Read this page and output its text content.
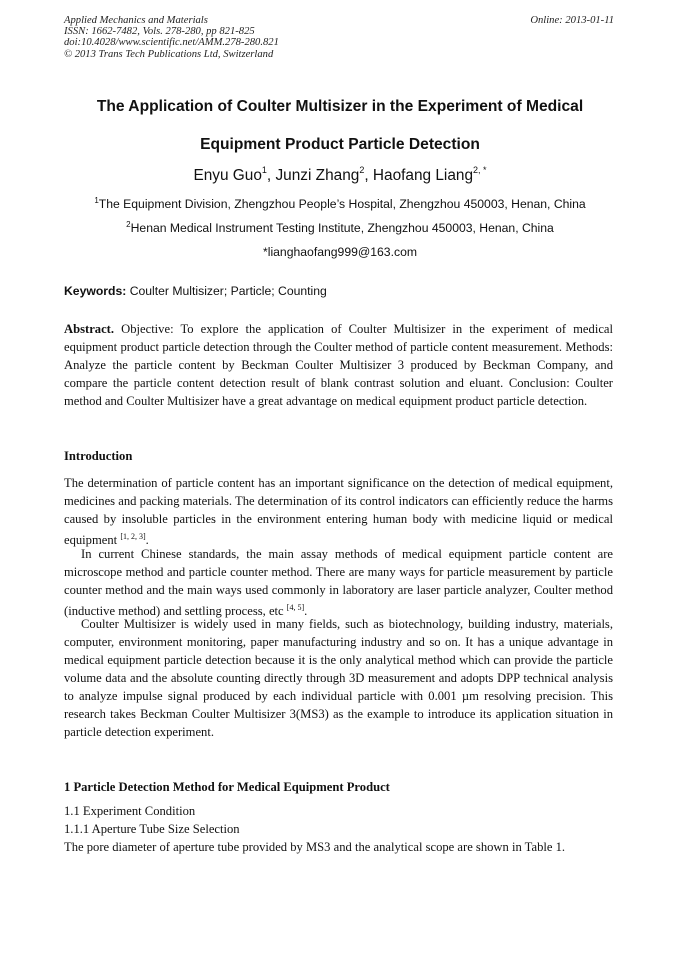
Applied Mechanics and Materials
ISSN: 1662-7482, Vols. 278-280, pp 821-825
doi:10.4028/www.scientific.net/AMM.278-280.821
© 2013 Trans Tech Publications Ltd, Switzerland
Online: 2013-01-11
The Application of Coulter Multisizer in the Experiment of Medical
Equipment Product Particle Detection
Enyu Guo$^1$, Junzi Zhang$^2$, Haofang Liang$^{2, *}$
$^1$The Equipment Division, Zhengzhou People’s Hospital, Zhengzhou 450003, Henan, China
$^2$Henan Medical Instrument Testing Institute, Zhengzhou 450003, Henan, China
*lianghaofang999@163.com
Keywords: Coulter Multisizer; Particle; Counting
Abstract. Objective: To explore the application of Coulter Multisizer in the experiment of medical equipment product particle detection through the Coulter method of particle content measurement. Methods: Analyze the particle content by Beckman Coulter Multisizer 3 produced by Beckman Company, and compare the particle content detection result of blank contrast solution and eluant. Conclusion: Coulter method and Coulter Multisizer have a great advantage on medical equipment product particle detection.
Introduction
The determination of particle content has an important significance on the detection of medical equipment, medicines and packing materials. The determination of its control indicators can efficiently reduce the harms caused by insoluble particles in the environment entering human body with medicine liquid or medical equipment [1, 2, 3].
In current Chinese standards, the main assay methods of medical equipment particle content are microscope method and particle counter method. There are many ways for particle measurement by particle counter method and the main ways used commonly in laboratory are laser particle analyzer, Coulter method (inductive method) and settling process, etc [4, 5].
Coulter Multisizer is widely used in many fields, such as biotechnology, building industry, materials, computer, environment monitoring, paper manufacturing industry and so on. It has a unique advantage in medical equipment particle detection because it is the only analytical method which can provide the particle volume data and the absolute counting directly through 3D measurement and adopts DPP technical analysis to analyze impulse signal produced by each individual particle with 0.001 µm resolving precision. This research takes Beckman Coulter Multisizer 3(MS3) as the example to introduce its application situation in particle detection experiment.
1 Particle Detection Method for Medical Equipment Product
1.1 Experiment Condition
1.1.1 Aperture Tube Size Selection
The pore diameter of aperture tube provided by MS3 and the analytical scope are shown in Table 1.
